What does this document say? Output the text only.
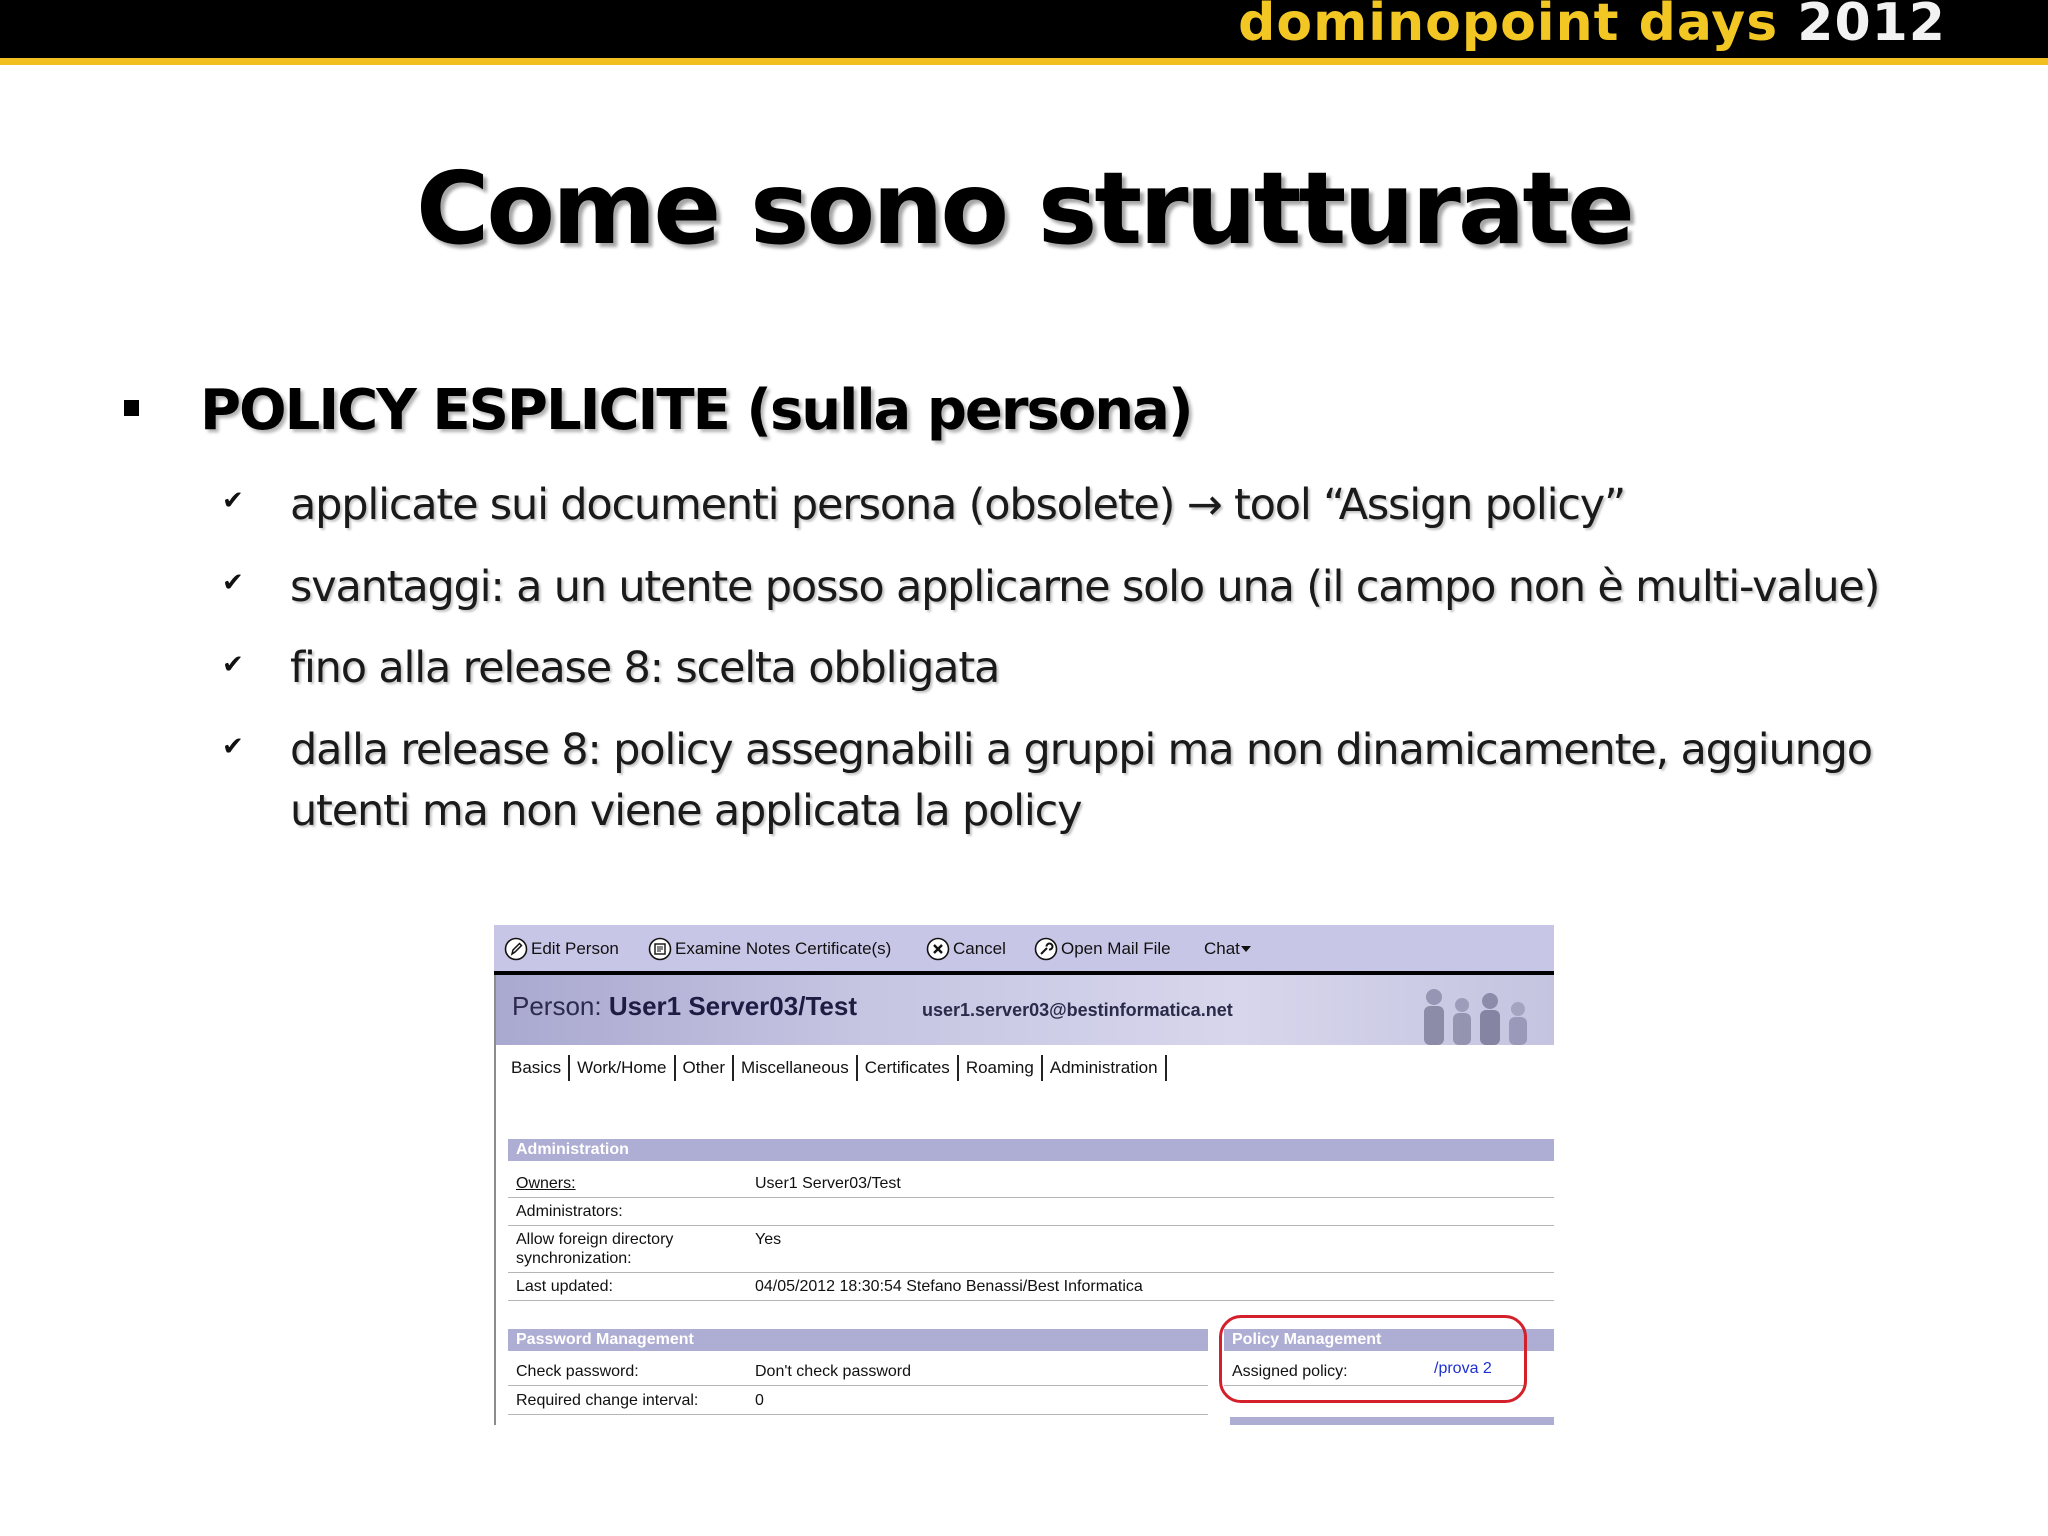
dominopoint days 2012
Come sono strutturate
POLICY ESPLICITE (sulla persona)
✔ applicate sui documenti persona (obsolete) → tool “Assign policy”
✔ svantaggi: a un utente posso applicarne solo una (il campo non è multi-value)
✔ fino alla release 8: scelta obbligata
✔ dalla release 8: policy assegnabili a gruppi ma non dinamicamente, aggiungo
utenti ma non viene applicata la policy
Edit Person	Examine Notes Certificate(s)	Cancel	Open Mail File Chat
Person: User1 Server03/Test	user1.server03@bestinformatica.net
Basics Work/Home Other Miscellaneous Certificates Roaming Administration
Administration
Owners:	User1 Server03/Test
Administrators:
Allow foreign directory
synchronization:
Yes
Last updated:	04/05/2012 18:30:54 Stefano Benassi/Best Informatica
Password Management
Check password:	Don't check password
Required change interval:	0
Policy Management
Assigned policy:	/prova 2
